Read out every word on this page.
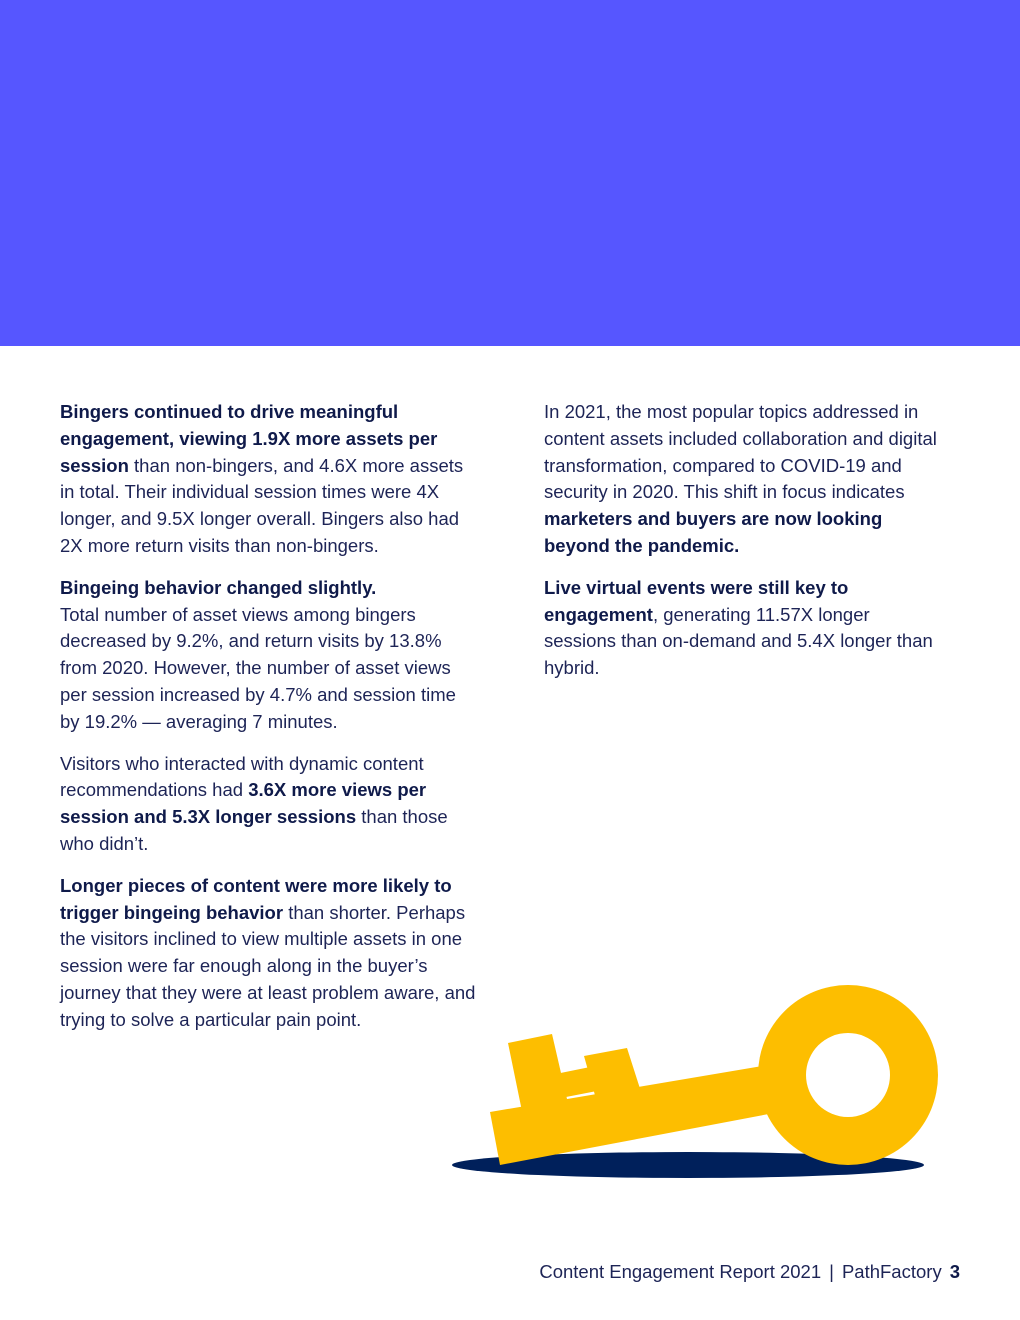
Bingers continued to drive meaningful engagement, viewing 1.9X more assets per session than non-bingers, and 4.6X more assets in total. Their individual session times were 4X longer, and 9.5X longer overall. Bingers also had 2X more return visits than non-bingers.

Bingeing behavior changed slightly.
Total number of asset views among bingers decreased by 9.2%, and return visits by 13.8% from 2020. However, the number of asset views per session increased by 4.7% and session time by 19.2% — averaging 7 minutes.

Visitors who interacted with dynamic content recommendations had 3.6X more views per session and 5.3X longer sessions than those who didn’t.

Longer pieces of content were more likely to trigger bingeing behavior than shorter. Perhaps the visitors inclined to view multiple assets in one session were far enough along in the buyer’s journey that they were at least problem aware, and trying to solve a particular pain point.

In 2021, the most popular topics addressed in content assets included collaboration and digital transformation, compared to COVID-19 and security in 2020. This shift in focus indicates marketers and buyers are now looking beyond the pandemic.

Live virtual events were still key to engagement, generating 11.57X longer sessions than on-demand and 5.4X longer than hybrid.

Content Engagement Report 2021 | PathFactory 3
